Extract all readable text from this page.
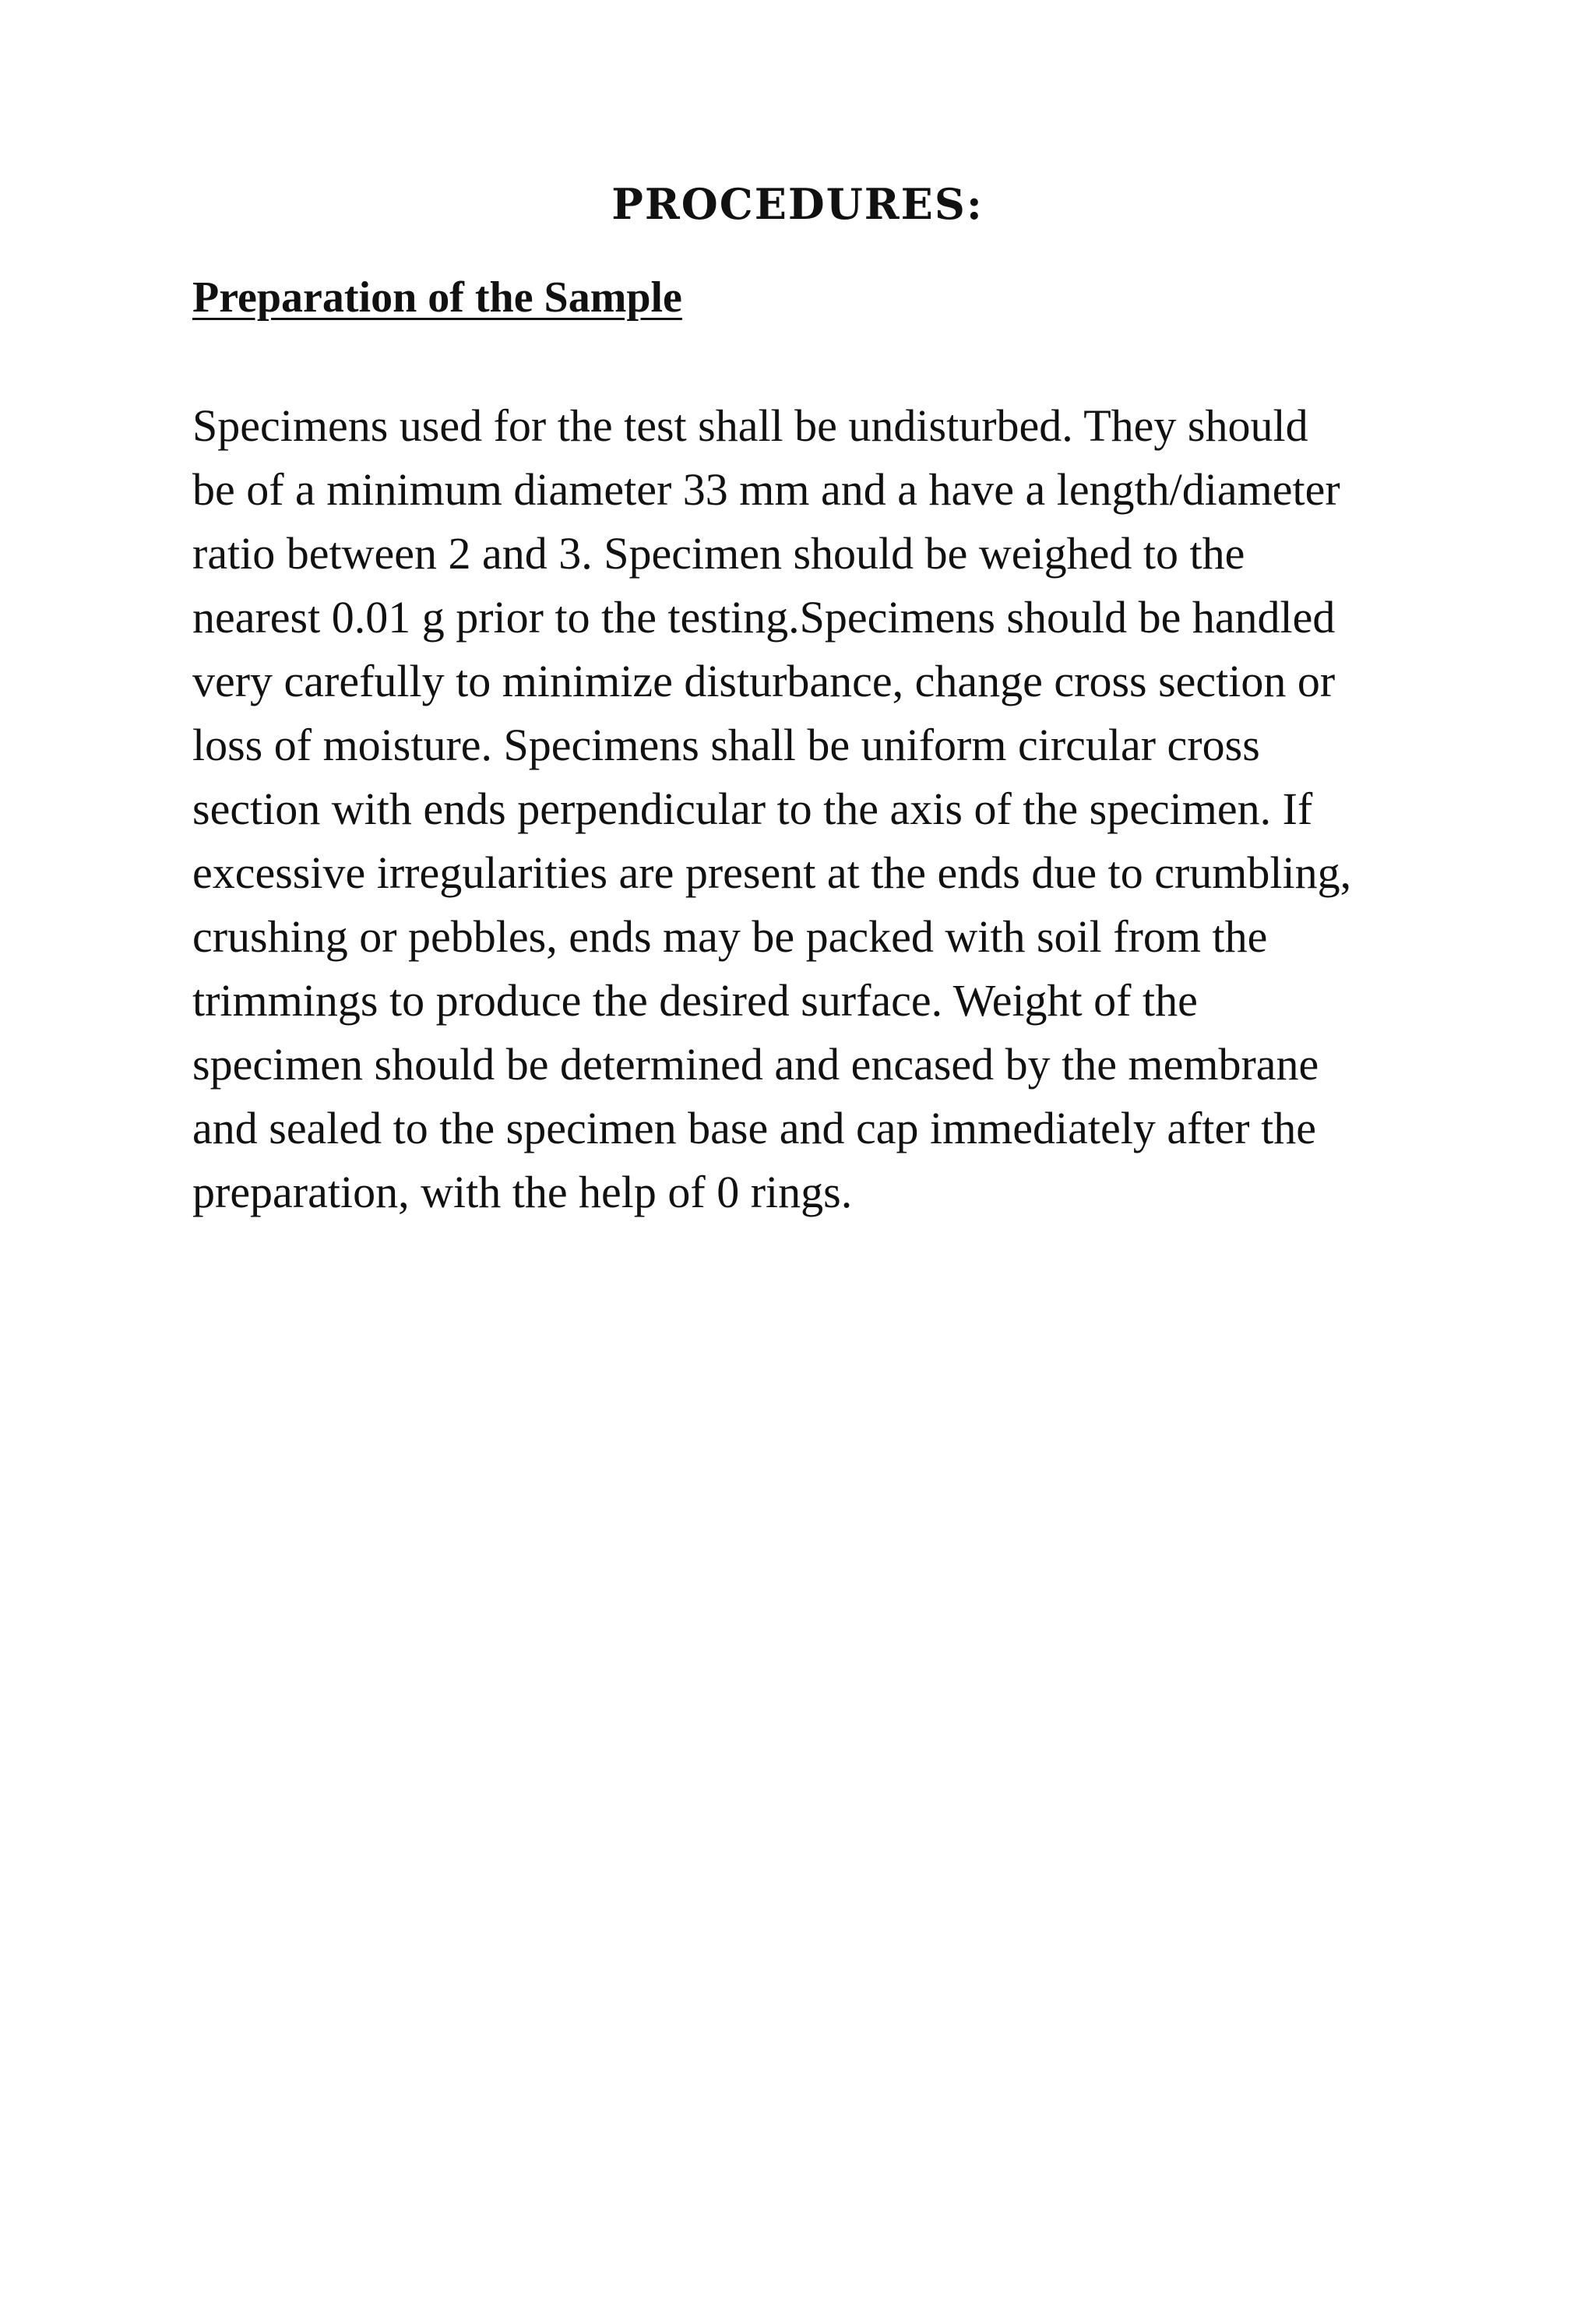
PROCEDURES:
Preparation of the Sample

Specimens used for the test shall be undisturbed. They should
be of a minimum diameter 33 mm and a have a length/diameter
ratio between 2 and 3. Specimen should be weighed to the
nearest 0.01 g prior to the testing.Specimens should be handled
very carefully to minimize disturbance, change cross section or
loss of moisture. Specimens shall be uniform circular cross
section with ends perpendicular to the axis of the specimen. If
excessive irregularities are present at the ends due to crumbling,
crushing or pebbles, ends may be packed with soil from the
trimmings to produce the desired surface. Weight of the
specimen should be determined and encased by the membrane
and sealed to the specimen base and cap immediately after the
preparation, with the help of 0 rings.
